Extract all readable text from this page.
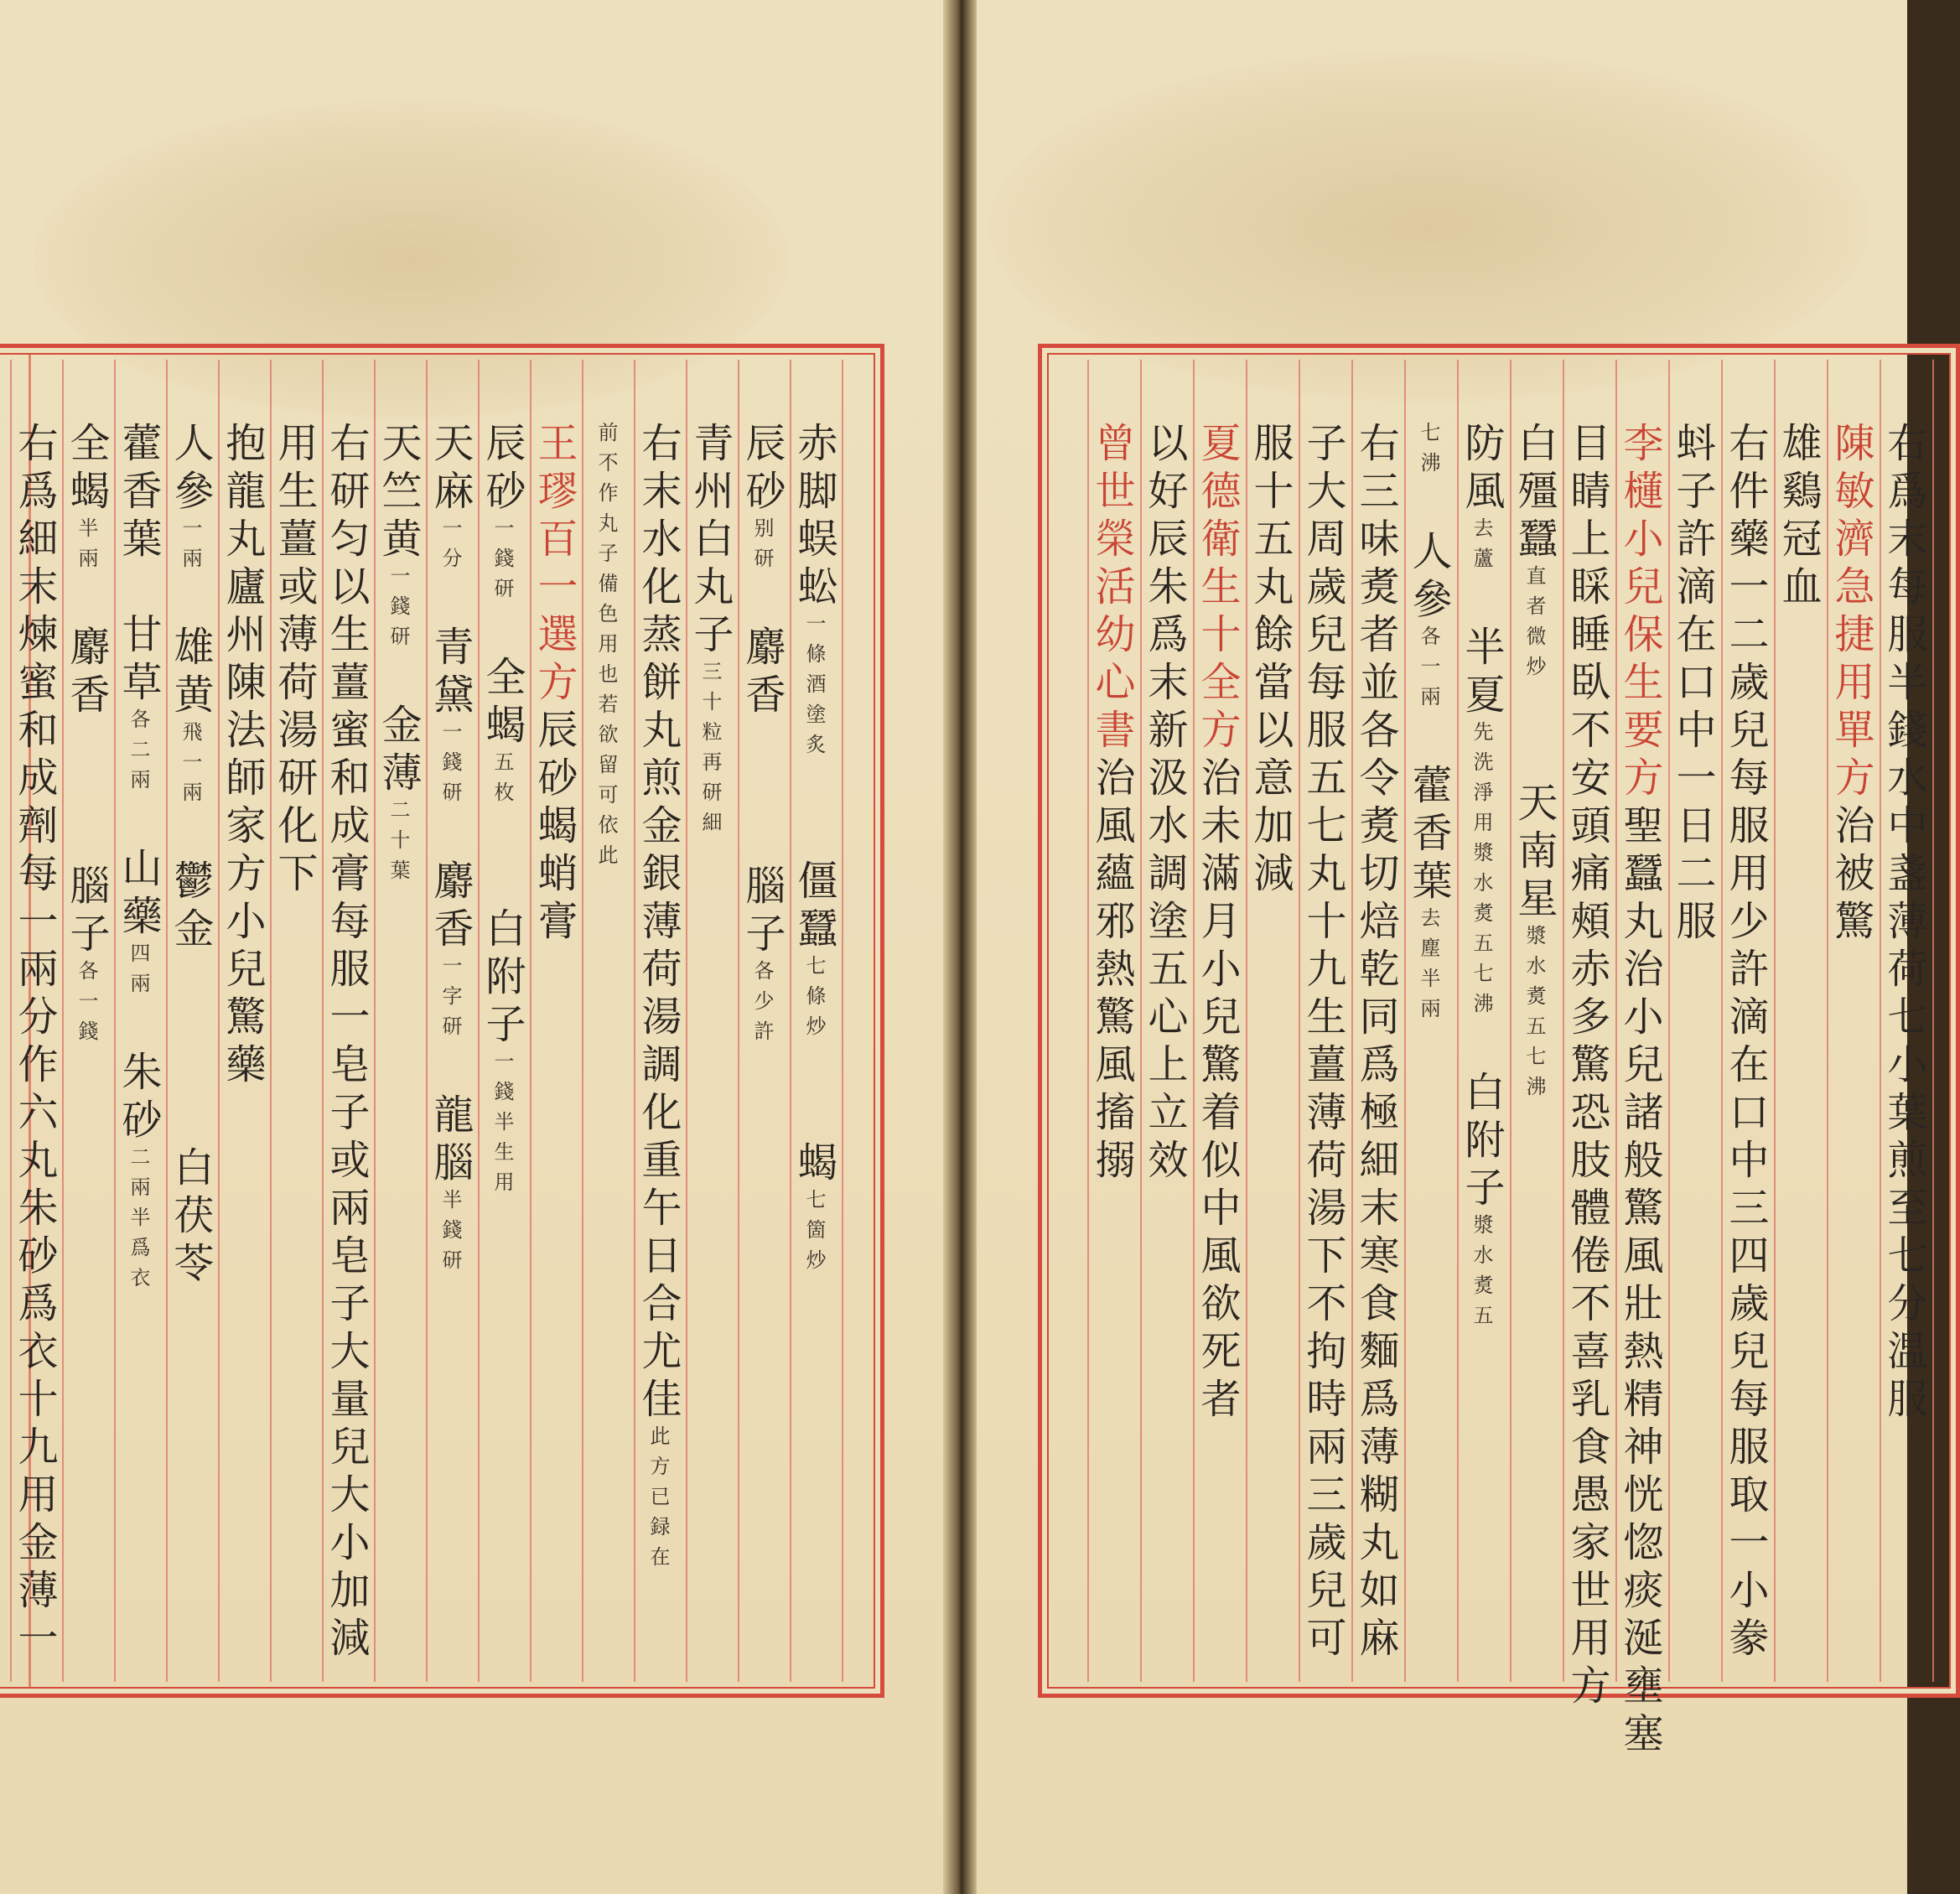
赤脚蜈蚣一條酒塗炙　　僵蠶七條炒　　蝎七箇炒
辰砂别研　麝香　　　腦子各少許
青州白丸子三十粒再研細
右末水化蒸餅丸煎金銀薄荷湯調化重午日合尤佳此方已録在
前不作丸子備色用也若欲留可依此
王璆百一選方辰砂蝎蛸膏
辰砂一錢研　全蝎五枚　　白附子一錢半生用
天麻一分　青黛一錢研　麝香一字研　龍腦半錢研
天竺黄一錢研　金薄二十葉
右研匀以生薑蜜和成膏每服一皂子或兩皂子大量兒大小加減
用生薑或薄荷湯研化下
抱龍丸廬州陳法師家方小兒驚藥
人參一兩　雄黄飛一兩　鬱金　　　　白茯苓
藿香葉　甘草各二兩　山藥四兩　朱砂二兩半爲衣
全蝎半兩　麝香　　　腦子各一錢
右爲細末煉蜜和成劑每一兩分作六丸朱砂爲衣十九用金薄一	右爲末每服半錢水中盞薄荷七小葉煎至七分温服
陳敏濟急捷用單方治被驚
雄鷄冠血
右件藥一二歲兒每服用少許滴在口中三四歲兒每服取一小豢
蚪子許滴在口中一日二服
李櫣小兒保生要方聖蠶丸治小兒諸般驚風壯熱精神恍惚痰涎壅塞
目睛上睬睡臥不安頭痛頰赤多驚恐肢體倦不喜乳食愚家世用方
白殭蠶直者微炒　　天南星漿水煑五七沸
防風去蘆　半夏先洗淨用漿水煑五七沸　白附子漿水煑五
七沸　人參各一兩　藿香葉去塵半兩
右三味煑者並各令煑切焙乾同爲極細末寒食麵爲薄糊丸如麻
子大周歲兒每服五七丸十九生薑薄荷湯下不拘時兩三歲兒可
服十五丸餘當以意加減
夏德衛生十全方治未滿月小兒驚着似中風欲死者
以好辰朱爲末新汲水調塗五心上立效
曾世榮活幼心書治風蘊邪熱驚風搐搦
